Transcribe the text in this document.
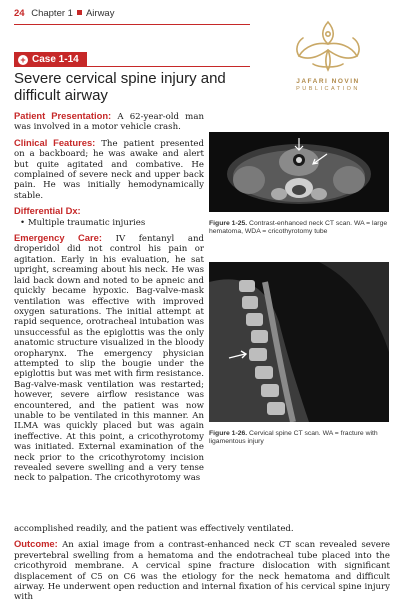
24 Chapter 1 Airway
JAFARI NOVIN
PUBLICATION
+ Case 1-14
Severe cervical spine injury and difficult airway

Patient Presentation: A 62-year-old man was involved in a motor vehicle crash.

Clinical Features: The patient presented on a backboard; he was awake and alert but quite agitated and combative. He complained of severe neck and upper back pain. He was initially hemodynamically stable.

Differential Dx:
• Multiple traumatic injuries

Emergency Care: IV fentanyl and droperidol did not control his pain or agitation. Early in his evaluation, he sat upright, screaming about his neck. He was laid back down and noted to be apneic and quickly became hypoxic. Bag-valve-mask ventilation was effective with improved oxygen saturations. The initial attempt at rapid sequence, orotracheal intubation was unsuccessful as the epiglottis was the only anatomic structure visualized in the bloody oropharynx. The emergency physician attempted to slip the bougie under the epiglottis but was met with firm resistance. Bag-valve-mask ventilation was restarted; however, severe airflow resistance was encountered, and the patient was now unable to be ventilated in this manner. An ILMA was quickly placed but was again ineffective. At this point, a cricothyrotomy was initiated. External examination of the neck prior to the cricothyrotomy incision revealed severe swelling and a very tense neck to palpation. The cricothyrotomy was

Figure 1-25. Contrast-enhanced neck CT scan. WA = large hematoma, WDA = cricothyrotomy tube
Figure 1-26. Cervical spine CT scan. WA = fracture with ligamentous injury
accomplished readily, and the patient was effectively ventilated.
Outcome: An axial image from a contrast-enhanced neck CT scan revealed severe prevertebral swelling from a hematoma and the endotracheal tube placed into the cricothyroid membrane. A cervical spine fracture dislocation with significant displacement of C5 on C6 was the etiology for the neck hematoma and difficult airway. He underwent open reduction and internal fixation of his cervical spine injury with
